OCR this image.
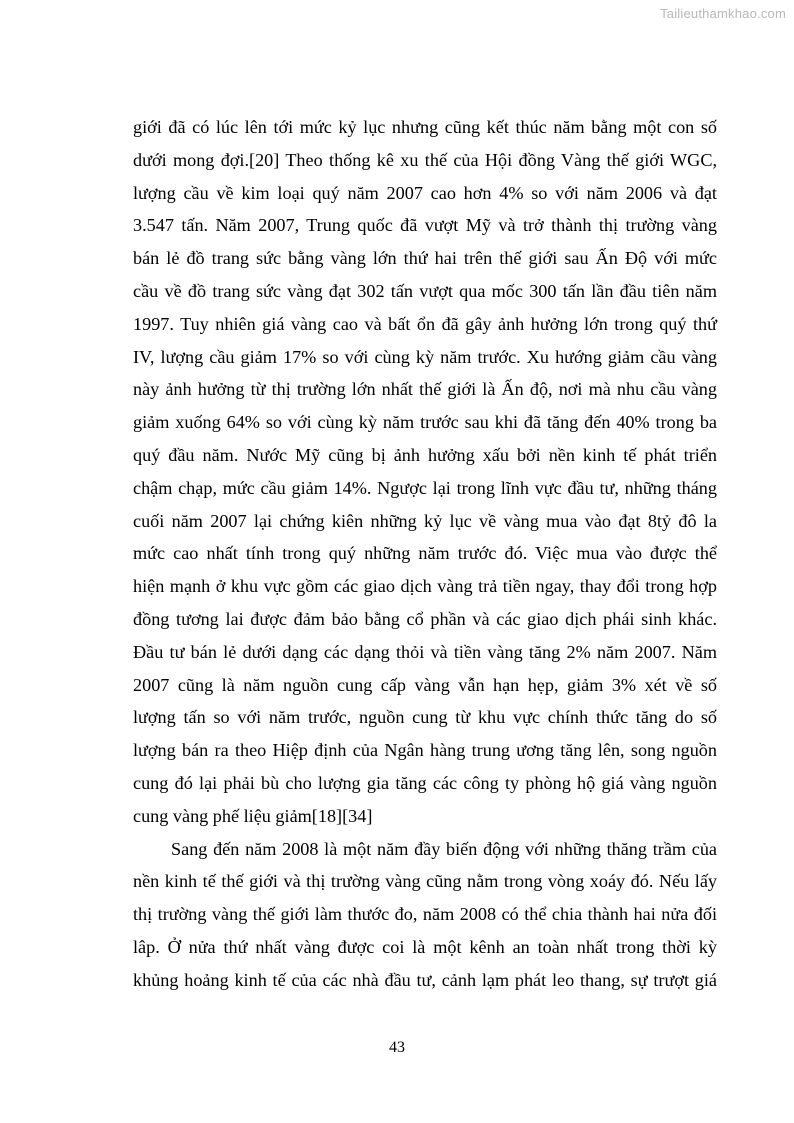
Tailieuthamkhao.com
giới đã có lúc lên tới mức kỷ lục nhưng cũng kết thúc năm bằng một con số
dưới mong đợi.[20] Theo thống kê xu thế của Hội đồng Vàng thế giới WGC,
lượng cầu về kim loại quý năm 2007 cao hơn 4% so với năm 2006 và đạt
3.547 tấn. Năm 2007, Trung quốc đã vượt Mỹ và trở thành thị trường vàng
bán lẻ đồ trang sức bằng vàng lớn thứ hai trên thế giới sau Ấn Độ với mức
cầu về đồ trang sức vàng đạt 302 tấn vượt qua mốc 300 tấn lần đầu tiên năm
1997. Tuy nhiên giá vàng cao và bất ổn đã gây ảnh hưởng lớn trong quý thứ
IV, lượng cầu giảm 17% so với cùng kỳ năm trước. Xu hướng giảm cầu vàng
này ảnh hưởng từ thị trường lớn nhất thế giới là Ấn độ, nơi mà nhu cầu vàng
giảm xuống 64% so với cùng kỳ năm trước sau khi đã tăng đến 40% trong ba
quý đầu năm. Nước Mỹ cũng bị ảnh hưởng xấu bởi nền kinh tế phát triển
chậm chạp, mức cầu giảm 14%. Ngược lại trong lĩnh vực đầu tư, những tháng
cuối năm 2007 lại chứng kiên những kỷ lục về vàng mua vào đạt 8tỷ đô la
mức cao nhất tính trong quý những năm trước đó. Việc mua vào được thể
hiện mạnh ở khu vực gồm các giao dịch vàng trả tiền ngay, thay đổi trong hợp
đồng tương lai được đảm bảo bằng cổ phần và các giao dịch phái sinh khác.
Đầu tư bán lẻ dưới dạng các dạng thỏi và tiền vàng tăng 2% năm 2007. Năm
2007 cũng là năm nguồn cung cấp vàng vẫn hạn hẹp, giảm 3% xét về số
lượng tấn so với năm trước, nguồn cung từ khu vực chính thức tăng do số
lượng bán ra theo Hiệp định của Ngân hàng trung ương tăng lên, song nguồn
cung đó lại phải bù cho lượng gia tăng các công ty phòng hộ giá vàng nguồn
cung vàng phế liệu giảm[18][34]
Sang đến năm 2008 là một năm đầy biến động với những thăng trầm của
nền kinh tế thế giới và thị trường vàng cũng nằm trong vòng xoáy đó. Nếu lấy
thị trường vàng thế giới làm thước đo, năm 2008 có thể chia thành hai nửa đối
lâp. Ở nửa thứ nhất vàng được coi là một kênh an toàn nhất trong thời kỳ
khủng hoảng kinh tế của các nhà đầu tư, cảnh lạm phát leo thang, sự trượt giá
43
